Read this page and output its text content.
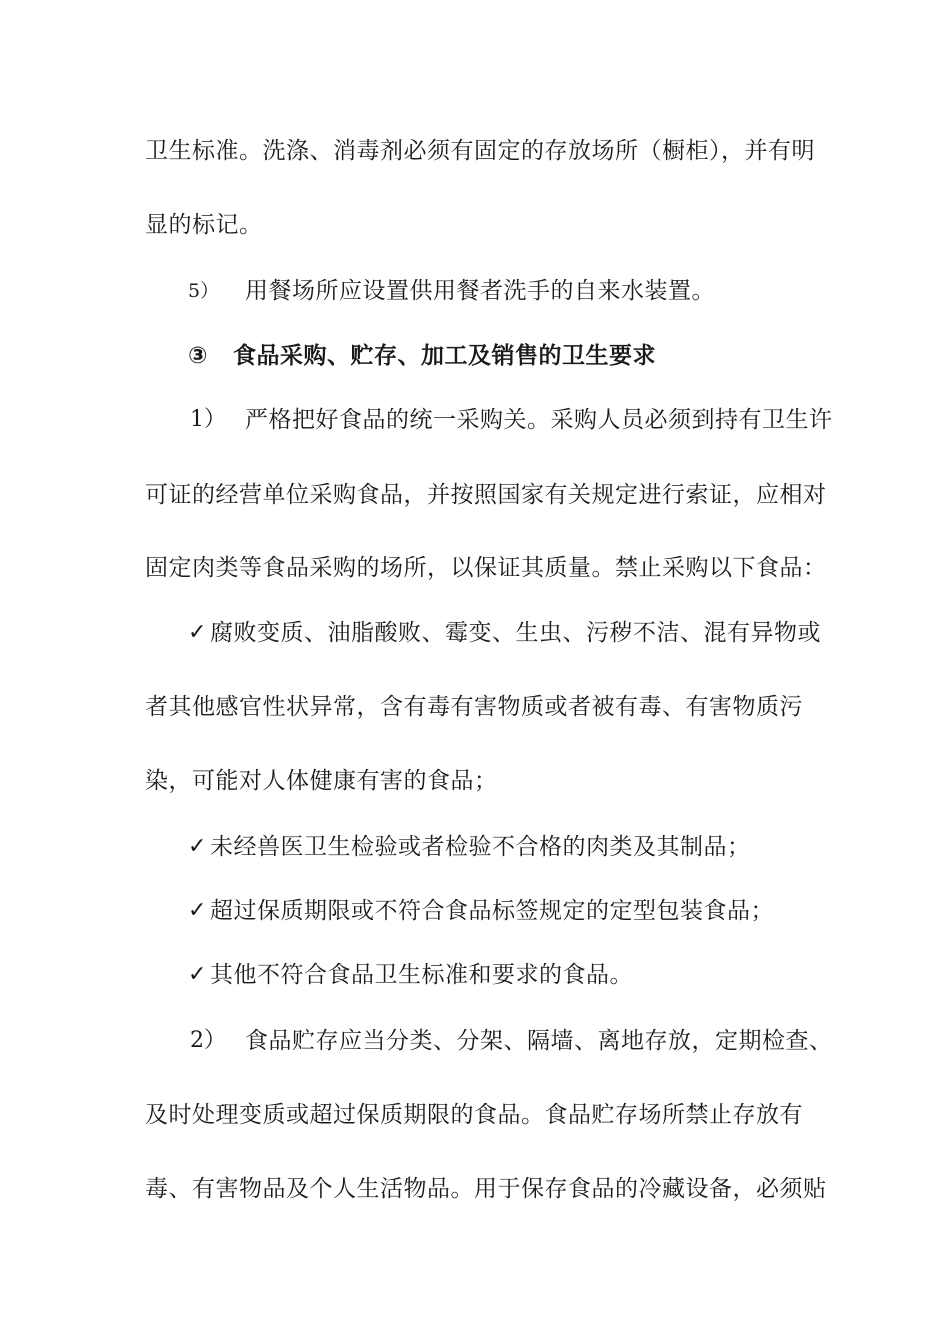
卫生标准。洗涤、消毒剂必须有固定的存放场所（橱柜），并有明
显的标记。
5） 用餐场所应设置供用餐者洗手的自来水装置。
③	食品采购、贮存、加工及销售的卫生要求
1） 严格把好食品的统一采购关。采购人员必须到持有卫生许
可证的经营单位采购食品，并按照国家有关规定进行索证，应相对
固定肉类等食品采购的场所，以保证其质量。禁止采购以下食品：
✓ 腐败变质、油脂酸败、霉变、生虫、污秽不洁、混有异物或
者其他感官性状异常，含有毒有害物质或者被有毒、有害物质污
染，可能对人体健康有害的食品；
✓ 未经兽医卫生检验或者检验不合格的肉类及其制品；
✓ 超过保质期限或不符合食品标签规定的定型包装食品；
✓ 其他不符合食品卫生标准和要求的食品。
2） 食品贮存应当分类、分架、隔墙、离地存放，定期检查、
及时处理变质或超过保质期限的食品。食品贮存场所禁止存放有
毒、有害物品及个人生活物品。用于保存食品的冷藏设备，必须贴
